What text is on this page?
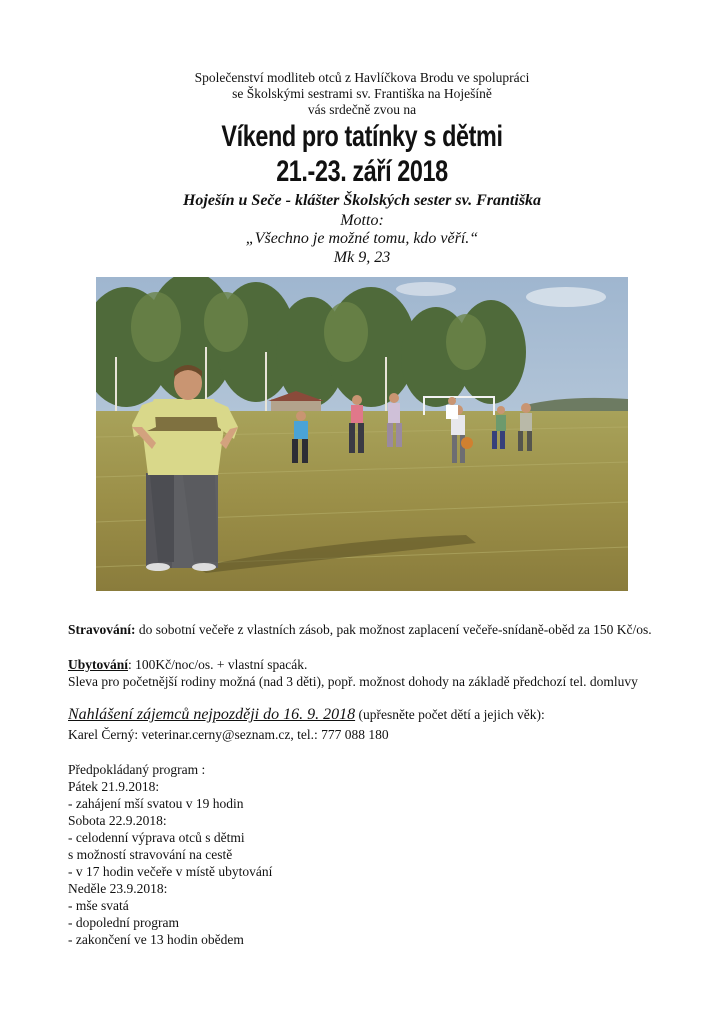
Společenství modliteb otců z Havlíčkova Brodu ve spolupráci
se Školskými sestrami sv. Františka na Hoješíně
vás srdečně zvou na
Víkend pro tatínky s dětmi
21.-23. září 2018
Hoješín u Seče - klášter Školských sester sv. Františka
Motto:
„Všechno je možné tomu, kdo věří.“
Mk 9, 23
Stravování: do sobotní večeře z vlastních zásob, pak možnost zaplacení večeře-snídaně-oběd za 150 Kč/os.
Ubytování: 100Kč/noc/os. + vlastní spacák.
Sleva pro početnější rodiny možná (nad 3 děti), popř. možnost dohody na základě předchozí tel. domluvy
Nahlášení zájemců nejpozději do 16. 9. 2018 (upřesněte počet dětí a jejich věk):
Karel Černý: veterinar.cerny@seznam.cz, tel.: 777 088 180
Předpokládaný program :
Pátek 21.9.2018:
- zahájení mší svatou v 19 hodin
Sobota 22.9.2018:
- celodenní výprava otců s dětmi
s možností stravování na cestě
- v 17 hodin večeře v místě ubytování
Neděle 23.9.2018:
- mše svatá
- dopolední program
- zakončení ve 13 hodin obědem
